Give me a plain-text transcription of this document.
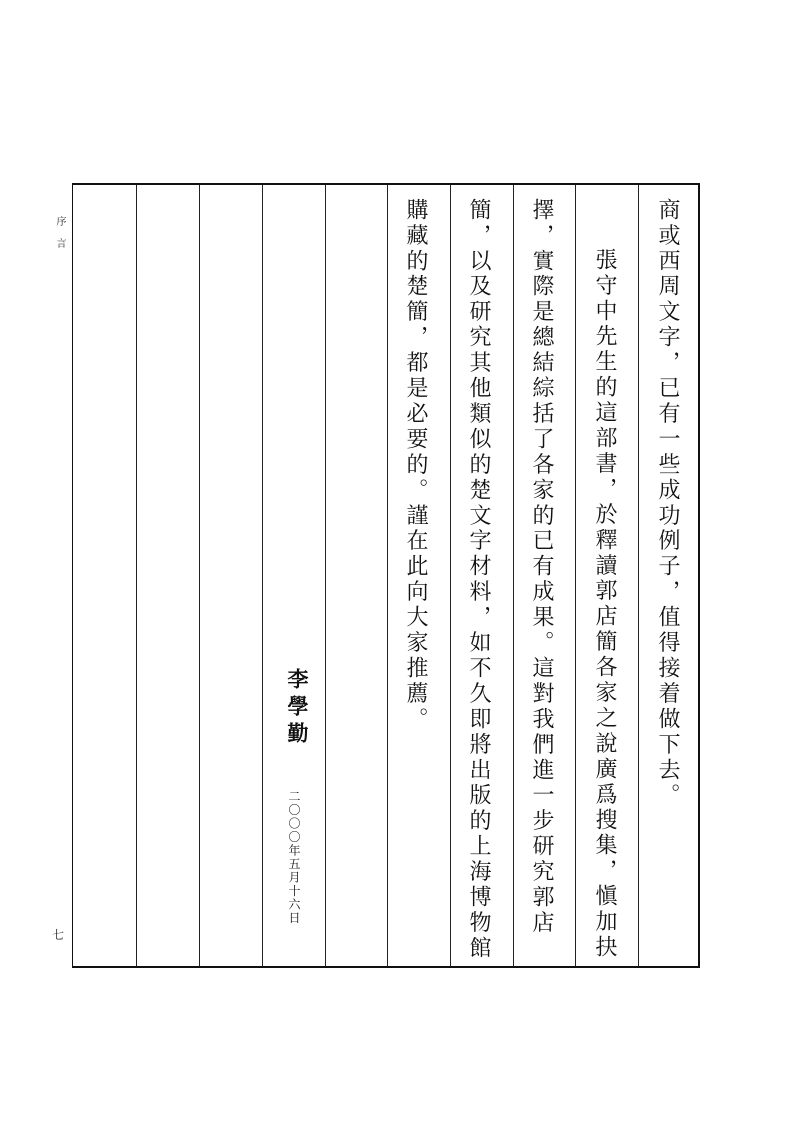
序言
七
商或西周文字，已有一些成功例子，值得接着做下去。
張守中先生的這部書，於釋讀郭店簡各家之說廣爲搜集，愼加抉
擇，實際是總結綜括了各家的已有成果。這對我們進一步研究郭店
簡，以及研究其他類似的楚文字材料，如不久即將出版的上海博物館
購藏的楚簡，都是必要的。謹在此向大家推薦。
李學勤
二〇〇〇年五月十六日
